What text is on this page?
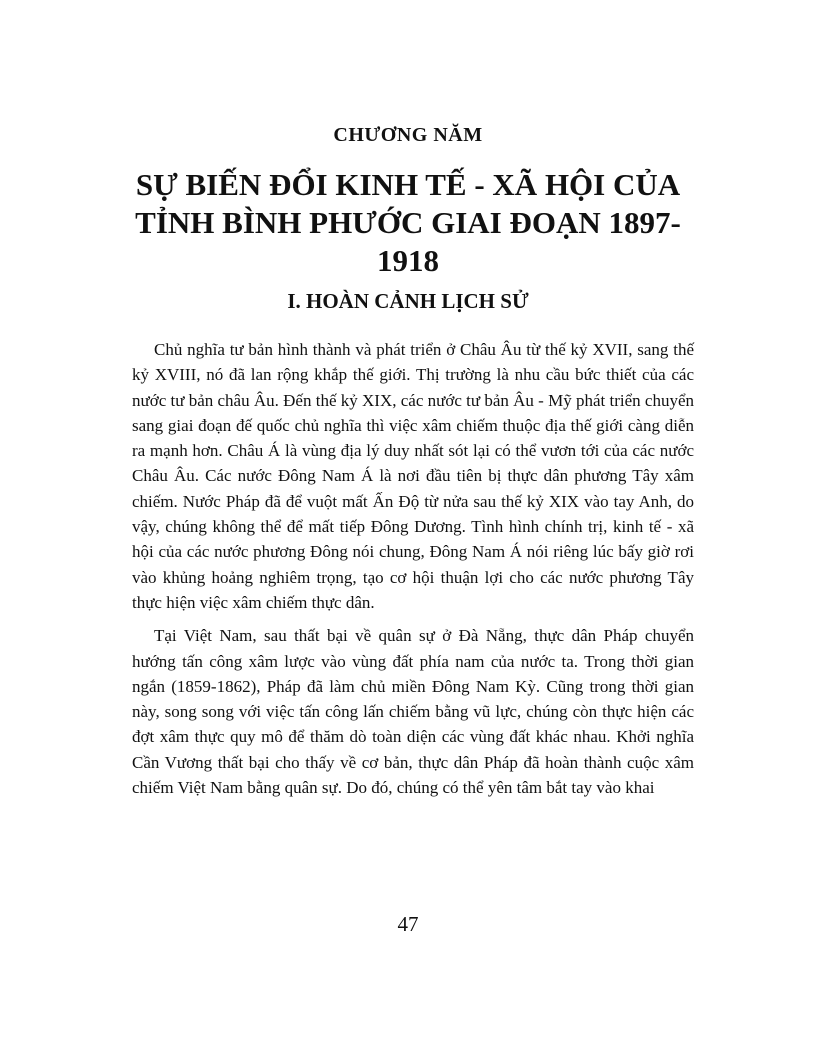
CHƯƠNG NĂM
SỰ BIẾN ĐỔI KINH TẾ - XÃ HỘI CỦA TỈNH BÌNH PHƯỚC GIAI ĐOẠN 1897-1918
I. HOÀN CẢNH LỊCH SỬ

Chủ nghĩa tư bản hình thành và phát triển ở Châu Âu từ thế kỷ XVII, sang thế kỷ XVIII, nó đã lan rộng khắp thế giới. Thị trường là nhu cầu bức thiết của các nước tư bản châu Âu. Đến thế kỷ XIX, các nước tư bản Âu - Mỹ phát triển chuyển sang giai đoạn đế quốc chủ nghĩa thì việc xâm chiếm thuộc địa thế giới càng diễn ra mạnh hơn. Châu Á là vùng địa lý duy nhất sót lại có thể vươn tới của các nước Châu Âu. Các nước Đông Nam Á là nơi đầu tiên bị thực dân phương Tây xâm chiếm. Nước Pháp đã để vuột mất Ấn Độ từ nửa sau thế kỷ XIX vào tay Anh, do vậy, chúng không thể để mất tiếp Đông Dương. Tình hình chính trị, kinh tế - xã hội của các nước phương Đông nói chung, Đông Nam Á nói riêng lúc bấy giờ rơi vào khủng hoảng nghiêm trọng, tạo cơ hội thuận lợi cho các nước phương Tây thực hiện việc xâm chiếm thực dân.

Tại Việt Nam, sau thất bại về quân sự ở Đà Nẵng, thực dân Pháp chuyển hướng tấn công xâm lược vào vùng đất phía nam của nước ta. Trong thời gian ngắn (1859-1862), Pháp đã làm chủ miền Đông Nam Kỳ. Cũng trong thời gian này, song song với việc tấn công lấn chiếm bằng vũ lực, chúng còn thực hiện các đợt xâm thực quy mô để thăm dò toàn diện các vùng đất khác nhau. Khởi nghĩa Cần Vương thất bại cho thấy về cơ bản, thực dân Pháp đã hoàn thành cuộc xâm chiếm Việt Nam bằng quân sự. Do đó, chúng có thể yên tâm bắt tay vào khai

47
